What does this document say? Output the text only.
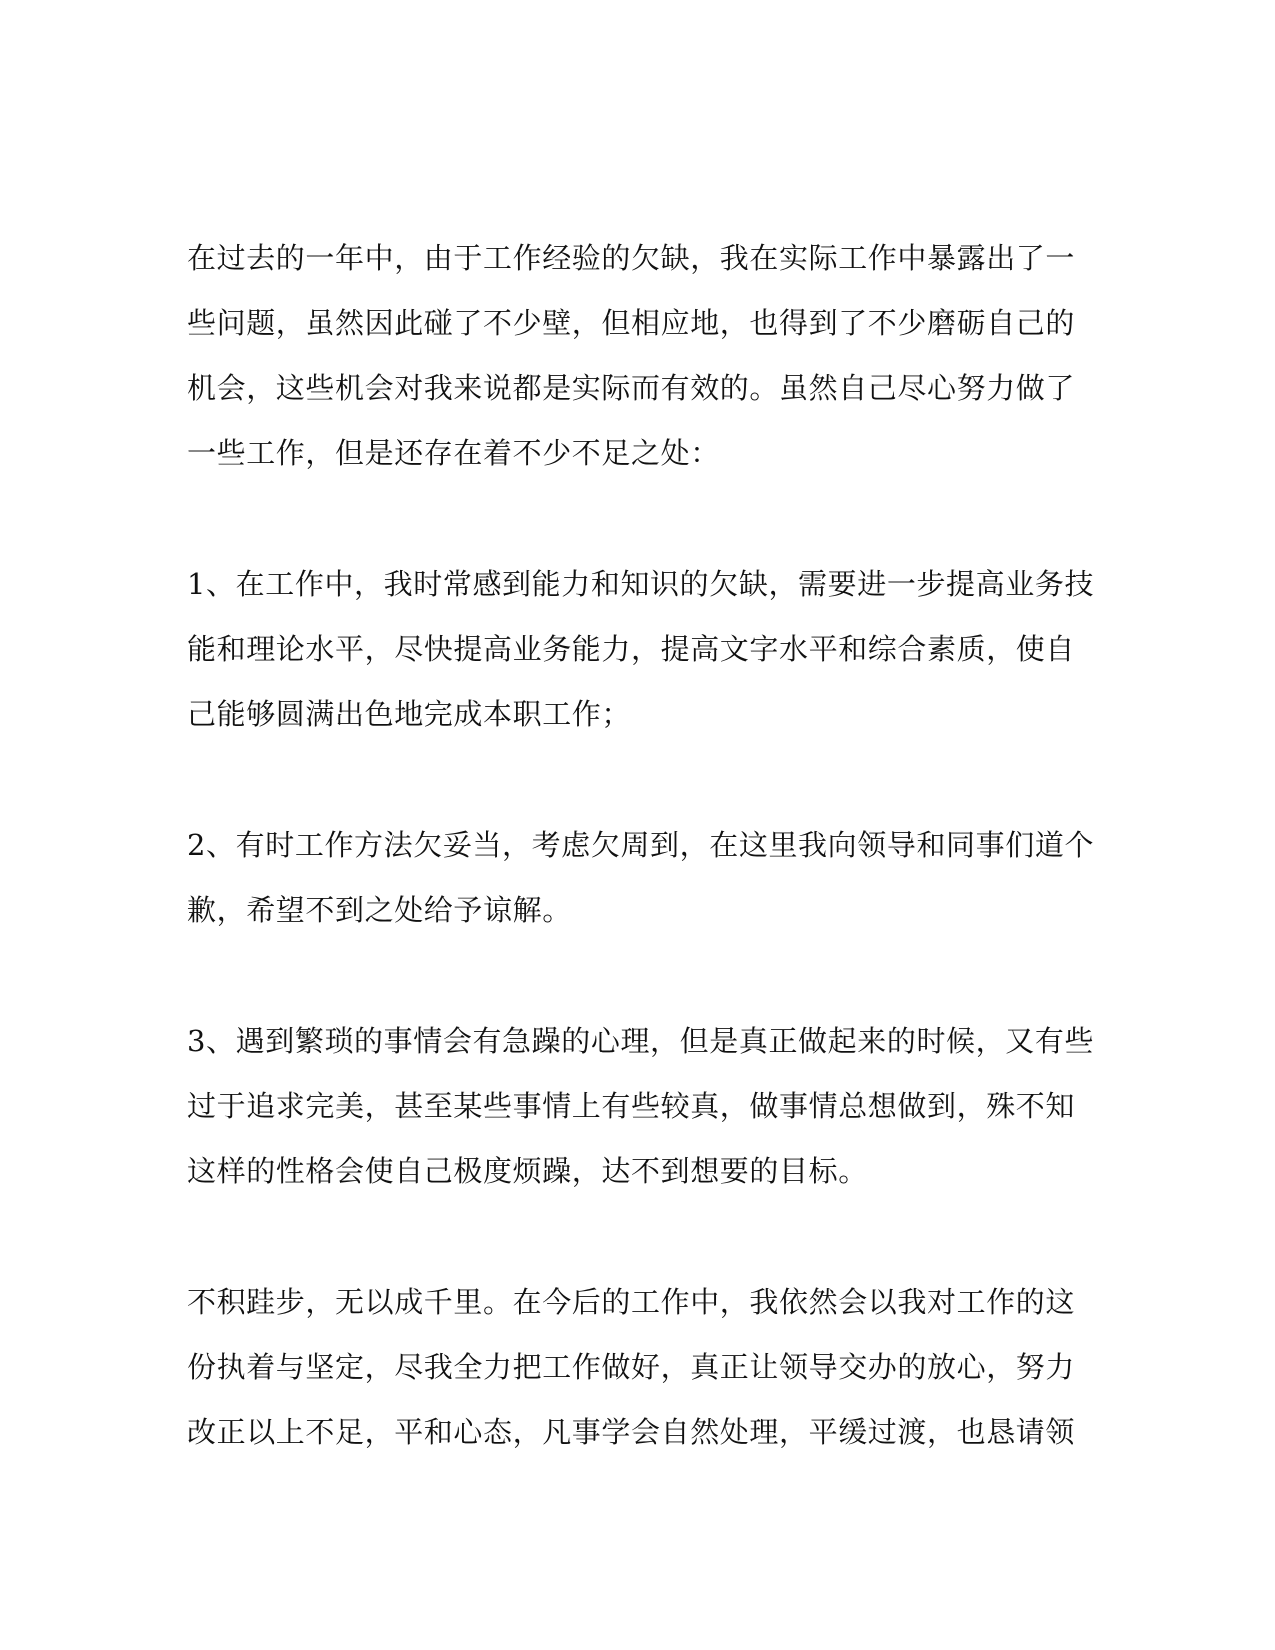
在过去的一年中，由于工作经验的欠缺，我在实际工作中暴露出了一
些问题，虽然因此碰了不少壁，但相应地，也得到了不少磨砺自己的
机会，这些机会对我来说都是实际而有效的。虽然自己尽心努力做了
一些工作，但是还存在着不少不足之处：
1、在工作中，我时常感到能力和知识的欠缺，需要进一步提高业务技
能和理论水平，尽快提高业务能力，提高文字水平和综合素质，使自
己能够圆满出色地完成本职工作；
2、有时工作方法欠妥当，考虑欠周到，在这里我向领导和同事们道个
歉，希望不到之处给予谅解。
3、遇到繁琐的事情会有急躁的心理，但是真正做起来的时候，又有些
过于追求完美，甚至某些事情上有些较真，做事情总想做到，殊不知
这样的性格会使自己极度烦躁，达不到想要的目标。
不积跬步，无以成千里。在今后的工作中，我依然会以我对工作的这
份执着与坚定，尽我全力把工作做好，真正让领导交办的放心，努力
改正以上不足，平和心态，凡事学会自然处理，平缓过渡，也恳请领
